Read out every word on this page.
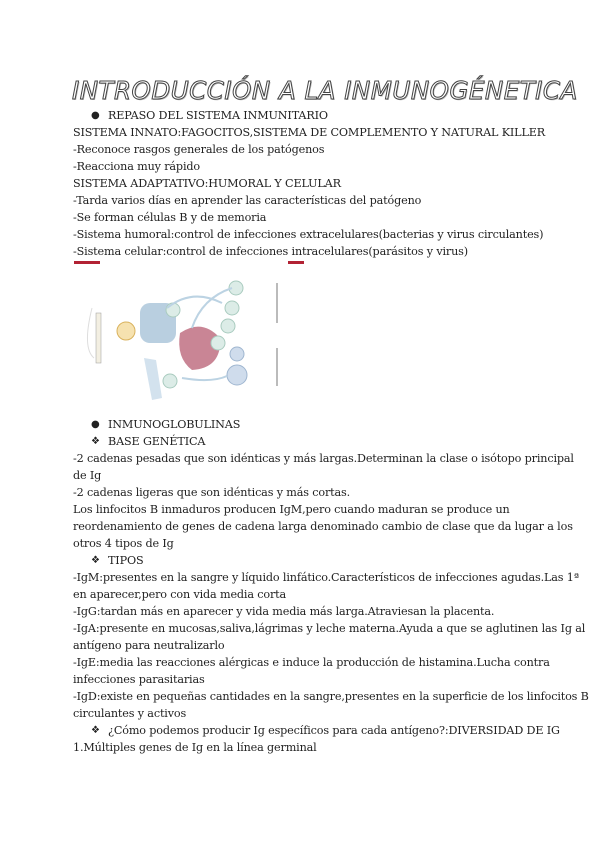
INTRODUCCIÓN A LA INMUNOGÉNETICA
● REPASO DEL SISTEMA INMUNITARIO
SISTEMA INNATO:FAGOCITOS,SISTEMA DE COMPLEMENTO Y NATURAL KILLER
-Reconoce rasgos generales de los patógenos
-Reacciona muy rápido
SISTEMA ADAPTATIVO:HUMORAL Y CELULAR
-Tarda varios días en aprender las características del patógeno
-Se forman células B y de memoria
-Sistema humoral:control de infecciones extracelulares(bacterias y virus circulantes)
-Sistema celular:control de infecciones intracelulares(parásitos y virus)
● INMUNOGLOBULINAS
❖ BASE GENÉTICA
-2 cadenas pesadas que son idénticas y más largas.Determinan la clase o isótopo principal
de Ig
-2 cadenas ligeras que son idénticas y más cortas.
Los linfocitos B inmaduros producen IgM,pero cuando maduran se produce un
reordenamiento de genes de cadena larga denominado cambio de clase que da lugar a los
otros 4 tipos de Ig
❖ TIPOS
-IgM:presentes en la sangre y líquido linfático.Característicos de infecciones agudas.Las 1ª
en aparecer,pero con vida media corta
-IgG:tardan más en aparecer y vida media más larga.Atraviesan la placenta.
-IgA:presente en mucosas,saliva,lágrimas y leche materna.Ayuda a que se aglutinen las Ig al
antígeno para neutralizarlo
-IgE:media las reacciones alérgicas e induce la producción de histamina.Lucha contra
infecciones parasitarias
-IgD:existe en pequeñas cantidades en la sangre,presentes en la superficie de los linfocitos B
circulantes y activos
❖ ¿Cómo podemos producir Ig específicos para cada antígeno?:DIVERSIDAD DE IG
1.Múltiples genes de Ig en la línea germinal
